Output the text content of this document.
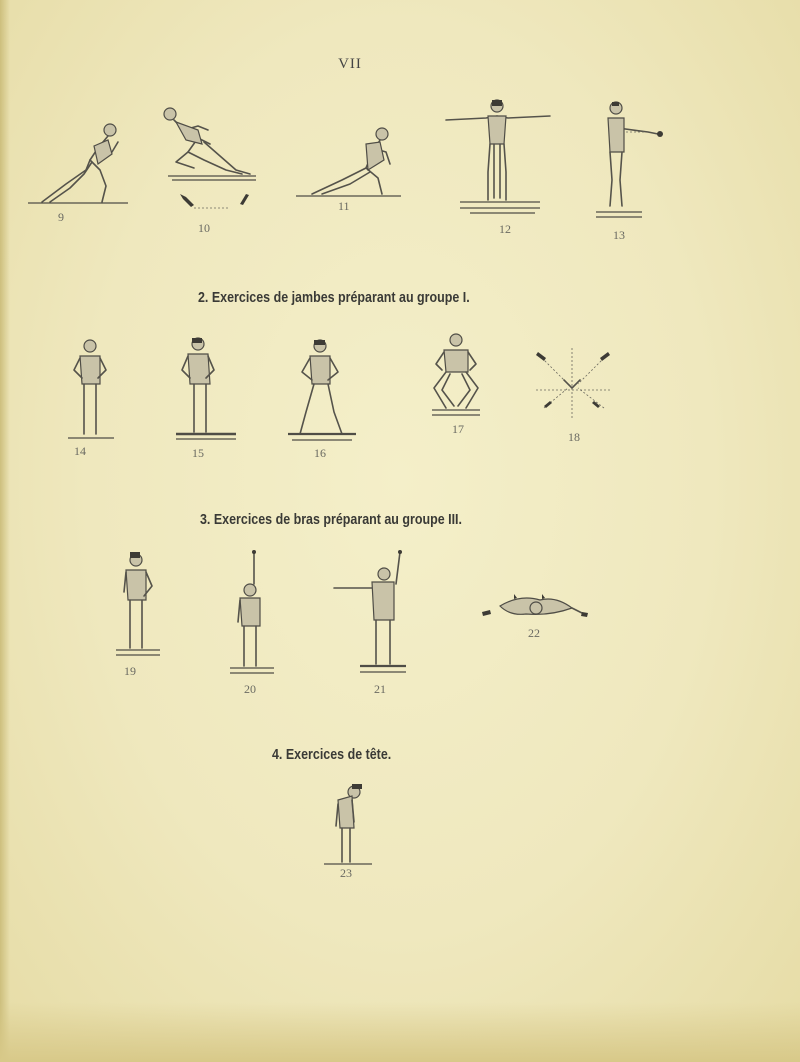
VII
9
10
11
12	13
2. Exercices de jambes préparant au groupe I.
14	15	16
17
18
3. Exercices de bras préparant au groupe III.
19
20	21
22
4. Exercices de tête.
23
